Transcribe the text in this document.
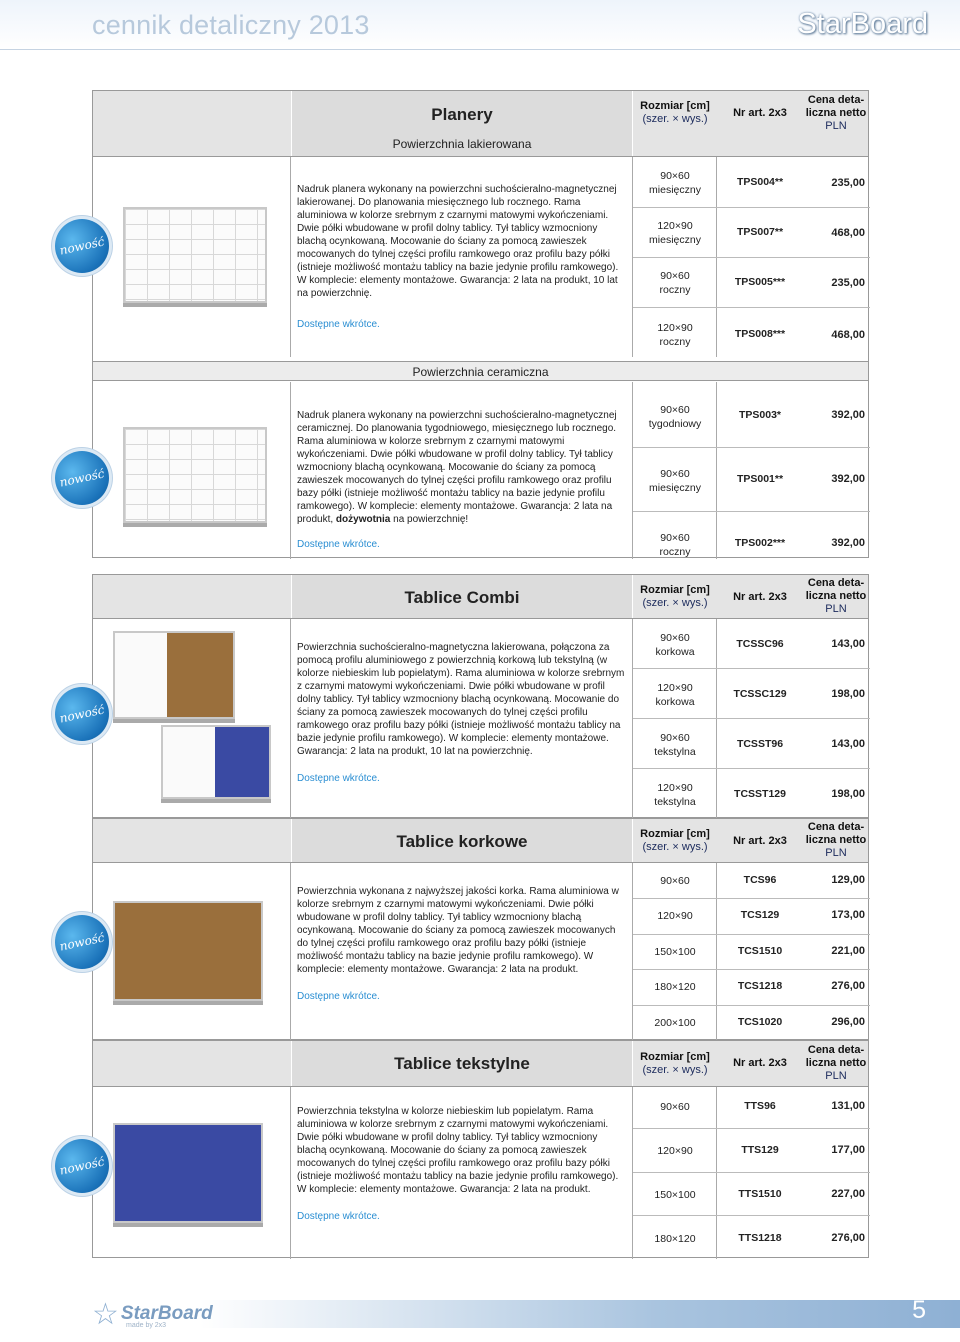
cennik detaliczny 2013	StarBoard
Planery
Powierzchnia lakierowana
Rozmiar [cm]
(szer. × wys.)	Nr art. 2x3
Cena deta-
liczna netto
PLN
nowość
Nadruk planera wykonany na powierzchni suchościeralno-magnetycznej lakierowanej. Do planowania miesięcznego lub rocznego. Rama aluminiowa w kolorze srebrnym z czarnymi matowymi wykończeniami. Dwie półki wbudowane w profil dolny tablicy. Tył tablicy wzmocniony blachą ocynkowaną. Mocowanie do ściany za pomocą zawieszek mocowanych do tylnej części profilu ramkowego oraz profilu bazy półki (istnieje możliwość montażu tablicy na bazie jedynie profilu ramkowego). W komplecie: elementy montażowe. Gwarancja: 2 lata na produkt, 10 lat na powierzchnię.
Dostępne wkrótce.
90×60
miesięczny
TPS004**	235,00
120×90
miesięczny
TPS007**	468,00
90×60
roczny
TPS005***	235,00
120×90
roczny
TPS008***	468,00
Powierzchnia ceramiczna
nowość
Nadruk planera wykonany na powierzchni suchościeralno-magnetycznej ceramicznej. Do planowania tygodniowego, miesięcznego lub rocznego. Rama aluminiowa w kolorze srebrnym z czarnymi matowymi wykończeniami. Dwie półki wbudowane w profil dolny tablicy. Tył tablicy wzmocniony blachą ocynkowaną. Mocowanie do ściany za pomocą zawieszek mocowanych do tylnej części profilu ramkowego oraz profilu bazy półki (istnieje możliwość montażu tablicy na bazie jedynie profilu ramkowego). W komplecie: elementy montażowe. Gwarancja: 2 lata na produkt, dożywotnia na powierzchnię!
Dostępne wkrótce.
90×60
tygodniowy
TPS003*	392,00
90×60
miesięczny
TPS001**	392,00
90×60
roczny
TPS002***	392,00
Tablice Combi	Rozmiar [cm]
(szer. × wys.)	Nr art. 2x3
Cena deta-
liczna netto
PLN
nowość
Powierzchnia suchościeralno-magnetyczna lakierowana, połączona za pomocą profilu aluminiowego z powierzchnią korkową lub tekstylną (w kolorze niebieskim lub popielatym). Rama aluminiowa w kolorze srebrnym z czarnymi matowymi wykończeniami. Dwie półki wbudowane w profil dolny tablicy. Tył tablicy wzmocniony blachą ocynkowaną. Mocowanie do ściany za pomocą zawieszek mocowanych do tylnej części profilu ramkowego oraz profilu bazy półki (istnieje możliwość montażu tablicy na bazie jedynie profilu ramkowego). W komplecie: elementy montażowe. Gwarancja: 2 lata na produkt, 10 lat na powierzchnię.
Dostępne wkrótce.
90×60
korkowa
TCSSC96	143,00
120×90
korkowa
TCSSC129	198,00
90×60
tekstylna
TCSST96	143,00
120×90
tekstylna
TCSST129	198,00
Tablice korkowe	Rozmiar [cm]
(szer. × wys.)	Nr art. 2x3
Cena deta-
liczna netto
PLN
nowość
Powierzchnia wykonana z najwyższej jakości korka. Rama aluminiowa w kolorze srebrnym z czarnymi matowymi wykończeniami. Dwie półki wbudowane w profil dolny tablicy. Tył tablicy wzmocniony blachą ocynkowaną. Mocowanie do ściany za pomocą zawieszek mocowanych do tylnej części profilu ramkowego oraz profilu bazy półki (istnieje możliwość montażu tablicy na bazie jedynie profilu ramkowego). W komplecie: elementy montażowe. Gwarancja: 2 lata na produkt.
Dostępne wkrótce.
90×60	TCS96	129,00
120×90	TCS129	173,00
150×100	TCS1510	221,00
180×120	TCS1218	276,00
200×100	TCS1020	296,00
Tablice tekstylne	Rozmiar [cm]
(szer. × wys.)
Nr art. 2x3
Cena deta-
liczna netto
PLN
nowość
Powierzchnia tekstylna w kolorze niebieskim lub popielatym. Rama aluminiowa w kolorze srebrnym z czarnymi matowymi wykończeniami. Dwie półki wbudowane w profil dolny tablicy. Tył tablicy wzmocniony blachą ocynkowaną. Mocowanie do ściany za pomocą zawieszek mocowanych do tylnej części profilu ramkowego oraz profilu bazy półki (istnieje możliwość montażu tablicy na bazie jedynie profilu ramkowego). W komplecie: elementy montażowe. Gwarancja: 2 lata na produkt.
Dostępne wkrótce.
90×60	TTS96	131,00
120×90	TTS129	177,00
150×100	TTS1510	227,00
180×120	TTS1218	276,00
☆ StarBoard
made by 2x3
5
